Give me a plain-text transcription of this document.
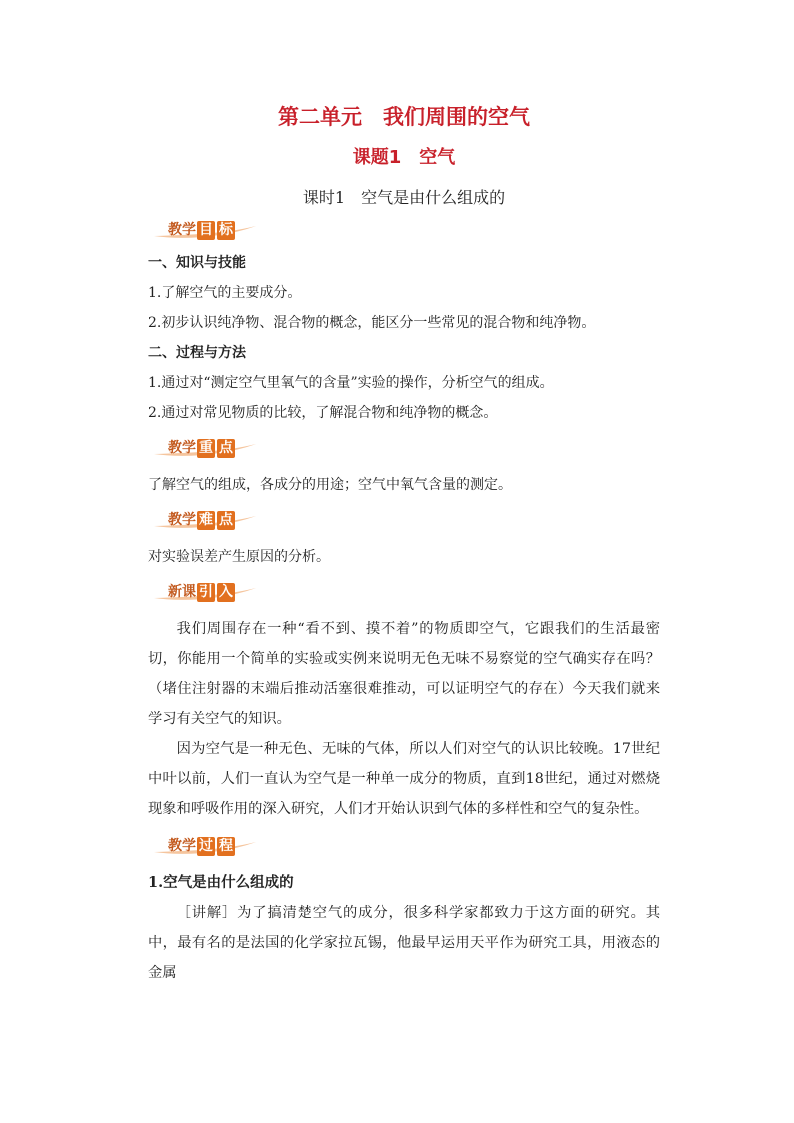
第二单元　我们周围的空气
课题1　空气
课时1　空气是由什么组成的
教 学 目 标
一、知识与技能
1.了解空气的主要成分。
2.初步认识纯净物、混合物的概念，能区分一些常见的混合物和纯净物。
二、过程与方法
1.通过对“测定空气里氧气的含量”实验的操作，分析空气的组成。
2.通过对常见物质的比较，了解混合物和纯净物的概念。
教 学 重 点
了解空气的组成，各成分的用途；空气中氧气含量的测定。
教 学 难 点
对实验误差产生原因的分析。
新 课 引 入

我们周围存在一种“看不到、摸不着”的物质即空气，它跟我们的生活最密切，你能用一个简单的实验或实例来说明无色无味不易察觉的空气确实存在吗？（堵住注射器的末端后推动活塞很难推动，可以证明空气的存在）今天我们就来学习有关空气的知识。

因为空气是一种无色、无味的气体，所以人们对空气的认识比较晚。17世纪中叶以前，人们一直认为空气是一种单一成分的物质，直到18世纪，通过对燃烧现象和呼吸作用的深入研究，人们才开始认识到气体的多样性和空气的复杂性。

教 学 过 程
1.空气是由什么组成的

［讲解］为了搞清楚空气的成分，很多科学家都致力于这方面的研究。其中，最有名的是法国的化学家拉瓦锡，他最早运用天平作为研究工具，用液态的金属
